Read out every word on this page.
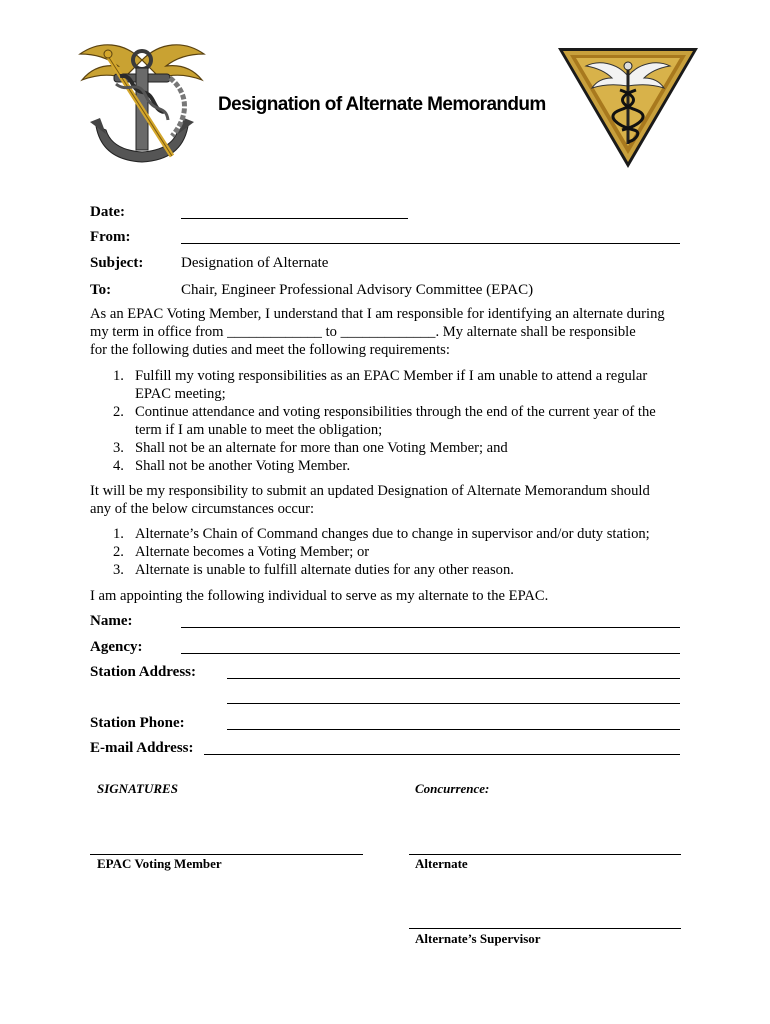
Designation of Alternate Memorandum
Date:
From:
Subject:	Designation of Alternate
To:	Chair, Engineer Professional Advisory Committee (EPAC)
As an EPAC Voting Member, I understand that I am responsible for identifying an alternate during
my term in office from _____________ to _____________. My alternate shall be responsible
for the following duties and meet the following requirements:
1. Fulfill my voting responsibilities as an EPAC Member if I am unable to attend a regular
EPAC meeting;
2. Continue attendance and voting responsibilities through the end of the current year of the
term if I am unable to meet the obligation;
3. Shall not be an alternate for more than one Voting Member; and
4. Shall not be another Voting Member.
It will be my responsibility to submit an updated Designation of Alternate Memorandum should
any of the below circumstances occur:
1. Alternate’s Chain of Command changes due to change in supervisor and/or duty station;
2. Alternate becomes a Voting Member; or
3. Alternate is unable to fulfill alternate duties for any other reason.
I am appointing the following individual to serve as my alternate to the EPAC.
Name:
Agency:
Station Address:
Station Phone:
E-mail Address:
SIGNATURES	Concurrence:
EPAC Voting Member	Alternate
Alternate’s Supervisor
